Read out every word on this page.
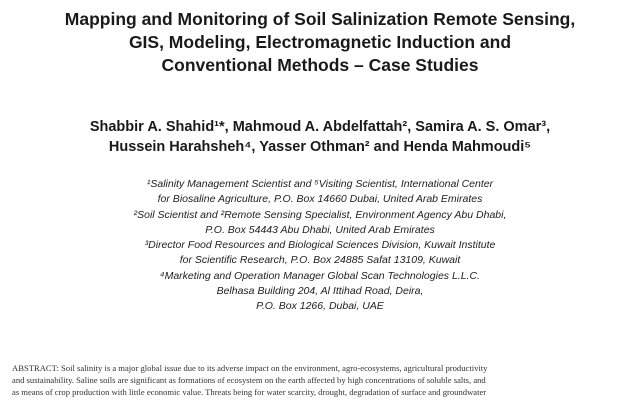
Mapping and Monitoring of Soil Salinization Remote Sensing,
GIS, Modeling, Electromagnetic Induction and
Conventional Methods – Case Studies
Shabbir A. Shahid¹*, Mahmoud A. Abdelfattah², Samira A. S. Omar³,
Hussein Harahsheh⁴, Yasser Othman² and Henda Mahmoudi⁵
¹Salinity Management Scientist and ⁵Visiting Scientist, International Center
for Biosaline Agriculture, P.O. Box 14660 Dubai, United Arab Emirates
²Soil Scientist and ²Remote Sensing Specialist, Environment Agency Abu Dhabi,
P.O. Box 54443 Abu Dhabi, United Arab Emirates
³Director Food Resources and Biological Sciences Division, Kuwait Institute
for Scientific Research, P.O. Box 24885 Safat 13109, Kuwait
⁴Marketing and Operation Manager Global Scan Technologies L.L.C.
Belhasa Building 204, Al Ittihad Road, Deira,
P.O. Box 1266, Dubai, UAE
ABSTRACT: Soil salinity is a major global issue due to its adverse impact on the environment, agro-ecosystems, agricultural productivity
and sustainability. Saline soils are significant as formations of ecosystem on the earth affected by high concentrations of soluble salts, and
as means of crop production with little economic value. Threats being for water scarcity, drought, degradation of surface and groundwater
